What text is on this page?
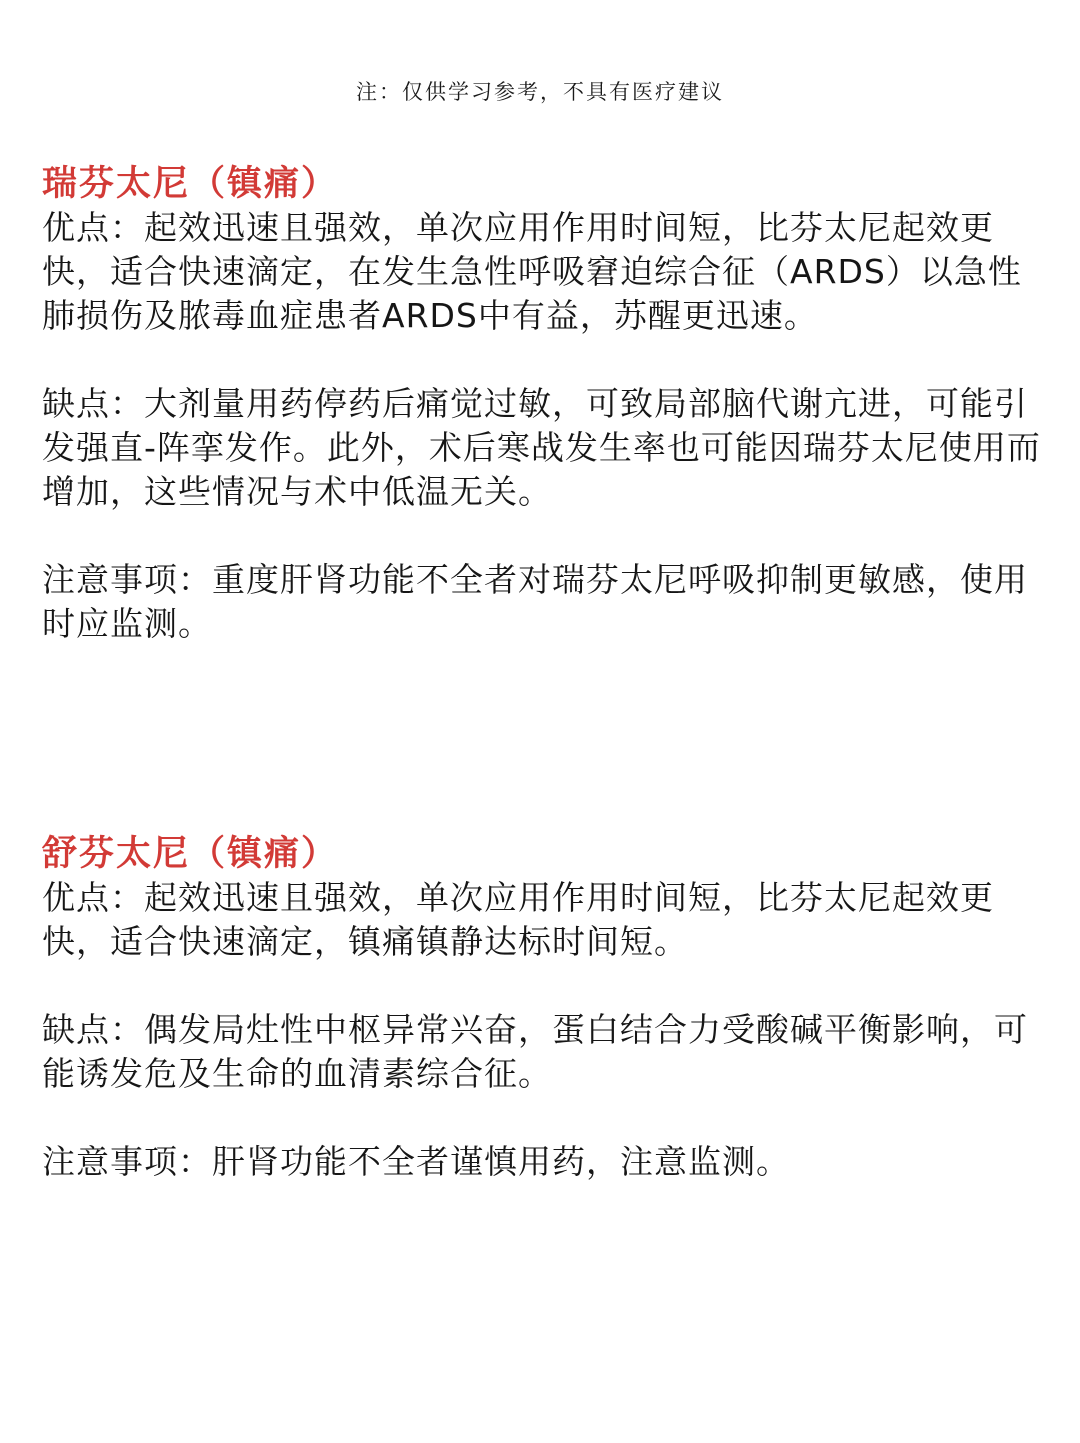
注：仅供学习参考，不具有医疗建议
瑞芬太尼（镇痛）

优点：起效迅速且强效，单次应用作用时间短，比芬太尼起效更快，适合快速滴定，在发生急性呼吸窘迫综合征（ARDS）以急性肺损伤及脓毒血症患者ARDS中有益，苏醒更迅速。

缺点：大剂量用药停药后痛觉过敏，可致局部脑代谢亢进，可能引发强直-阵挛发作。此外，术后寒战发生率也可能因瑞芬太尼使用而增加，这些情况与术中低温无关。

注意事项：重度肝肾功能不全者对瑞芬太尼呼吸抑制更敏感，使用时应监测。

舒芬太尼（镇痛）

优点：起效迅速且强效，单次应用作用时间短，比芬太尼起效更快，适合快速滴定，镇痛镇静达标时间短。

缺点：偶发局灶性中枢异常兴奋，蛋白结合力受酸碱平衡影响，可能诱发危及生命的血清素综合征。

注意事项：肝肾功能不全者谨慎用药，注意监测。
